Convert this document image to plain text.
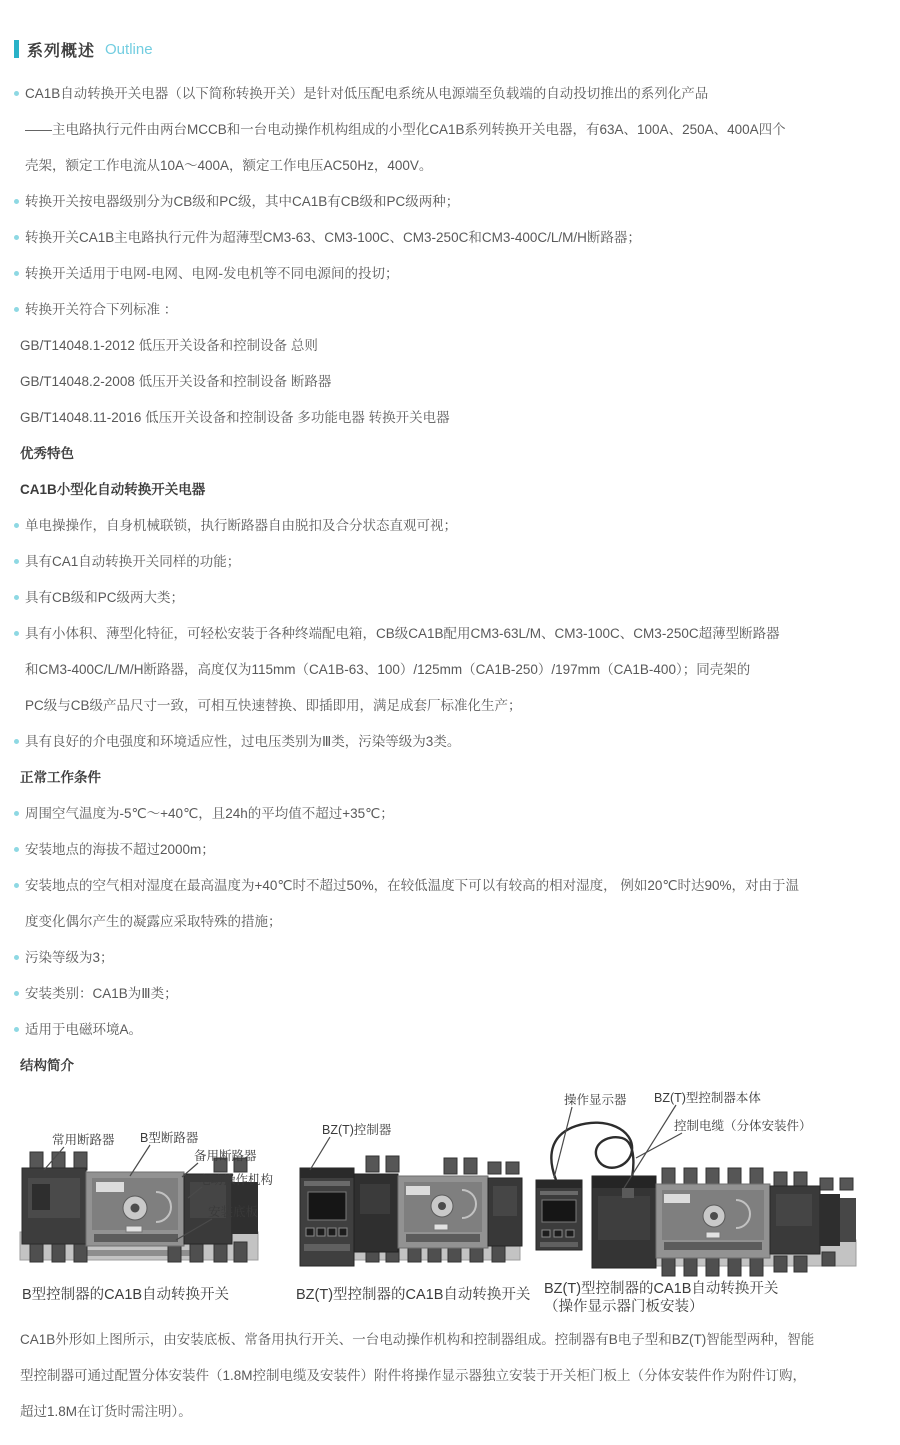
系列概述 Outline
CA1B自动转换开关电器（以下简称转换开关）是针对低压配电系统从电源端至负载端的自动投切推出的系列化产品
——主电路执行元件由两台MCCB和一台电动操作机构组成的小型化CA1B系列转换开关电器，有63A、100A、250A、400A四个
壳架，额定工作电流从10A～400A，额定工作电压AC50Hz，400V。
转换开关按电器级别分为CB级和PC级，其中CA1B有CB级和PC级两种；
转换开关CA1B主电路执行元件为超薄型CM3-63、CM3-100C、CM3-250C和CM3-400C/L/M/H断路器；
转换开关适用于电网-电网、电网-发电机等不同电源间的投切；
转换开关符合下列标准 ：
GB/T14048.1-2012 低压开关设备和控制设备 总则
GB/T14048.2-2008 低压开关设备和控制设备 断路器
GB/T14048.11-2016 低压开关设备和控制设备 多功能电器 转换开关电器
优秀特色
CA1B小型化自动转换开关电器
单电操操作，自身机械联锁，执行断路器自由脱扣及合分状态直观可视；
具有CA1自动转换开关同样的功能；
具有CB级和PC级两大类；
具有小体积、薄型化特征，可轻松安装于各种终端配电箱，CB级CA1B配用CM3-63L/M、CM3-100C、CM3-250C超薄型断路器
和CM3-400C/L/M/H断路器，高度仅为115mm（CA1B-63、100）/125mm（CA1B-250）/197mm（CA1B-400）；同壳架的
PC级与CB级产品尺寸一致，可相互快速替换、即插即用，满足成套厂标准化生产；
具有良好的介电强度和环境适应性，过电压类别为Ⅲ类，污染等级为3类。
正常工作条件
周围空气温度为-5℃～+40℃，且24h的平均值不超过+35℃；
安装地点的海拔不超过2000m；
安装地点的空气相对湿度在最高温度为+40℃时不超过50%，在较低温度下可以有较高的相对湿度， 例如20℃时达90%，对由于温
度变化偶尔产生的凝露应采取特殊的措施；
污染等级为3；
安装类别：CA1B为Ⅲ类；
适用于电磁环境A。
结构简介
常用断路器 B型断路器
备用断路器
电动操作机构
安装底板
B型控制器的CA1B自动转换开关
BZ(T)控制器
BZ(T)型控制器的CA1B自动转换开关
操作显示器 BZ(T)型控制器本体
控制电缆（分体安装件）
BZ(T)型控制器的CA1B自动转换开关
（操作显示器门板安装）
CA1B外形如上图所示，由安装底板、常备用执行开关、一台电动操作机构和控制器组成。控制器有B电子型和BZ(T)智能型两种，智能
型控制器可通过配置分体安装件（1.8M控制电缆及安装件）附件将操作显示器独立安装于开关柜门板上（分体安装件作为附件订购，
超过1.8M在订货时需注明）。
